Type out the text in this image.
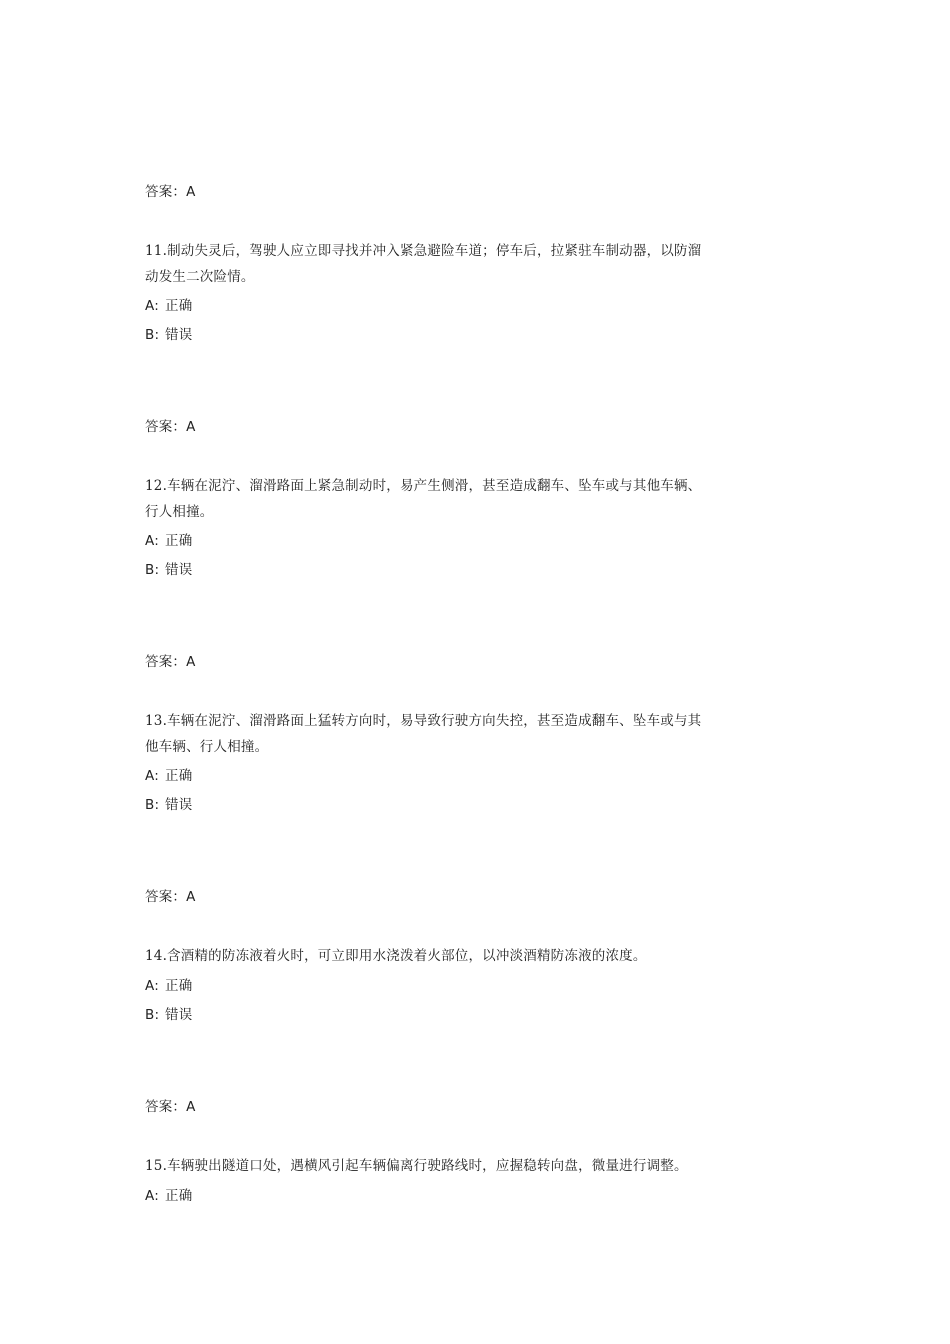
答案：A
11.制动失灵后，驾驶人应立即寻找并冲入紧急避险车道；停车后，拉紧驻车制动器，以防溜
动发生二次险情。
A: 正确
B: 错误
答案：A
12.车辆在泥泞、溜滑路面上紧急制动时，易产生侧滑，甚至造成翻车、坠车或与其他车辆、
行人相撞。
A: 正确
B: 错误
答案：A
13.车辆在泥泞、溜滑路面上猛转方向时，易导致行驶方向失控，甚至造成翻车、坠车或与其
他车辆、行人相撞。
A: 正确
B: 错误
答案：A
14.含酒精的防冻液着火时，可立即用水浇泼着火部位，以冲淡酒精防冻液的浓度。
A: 正确
B: 错误
答案：A
15.车辆驶出隧道口处，遇横风引起车辆偏离行驶路线时，应握稳转向盘，微量进行调整。
A: 正确
